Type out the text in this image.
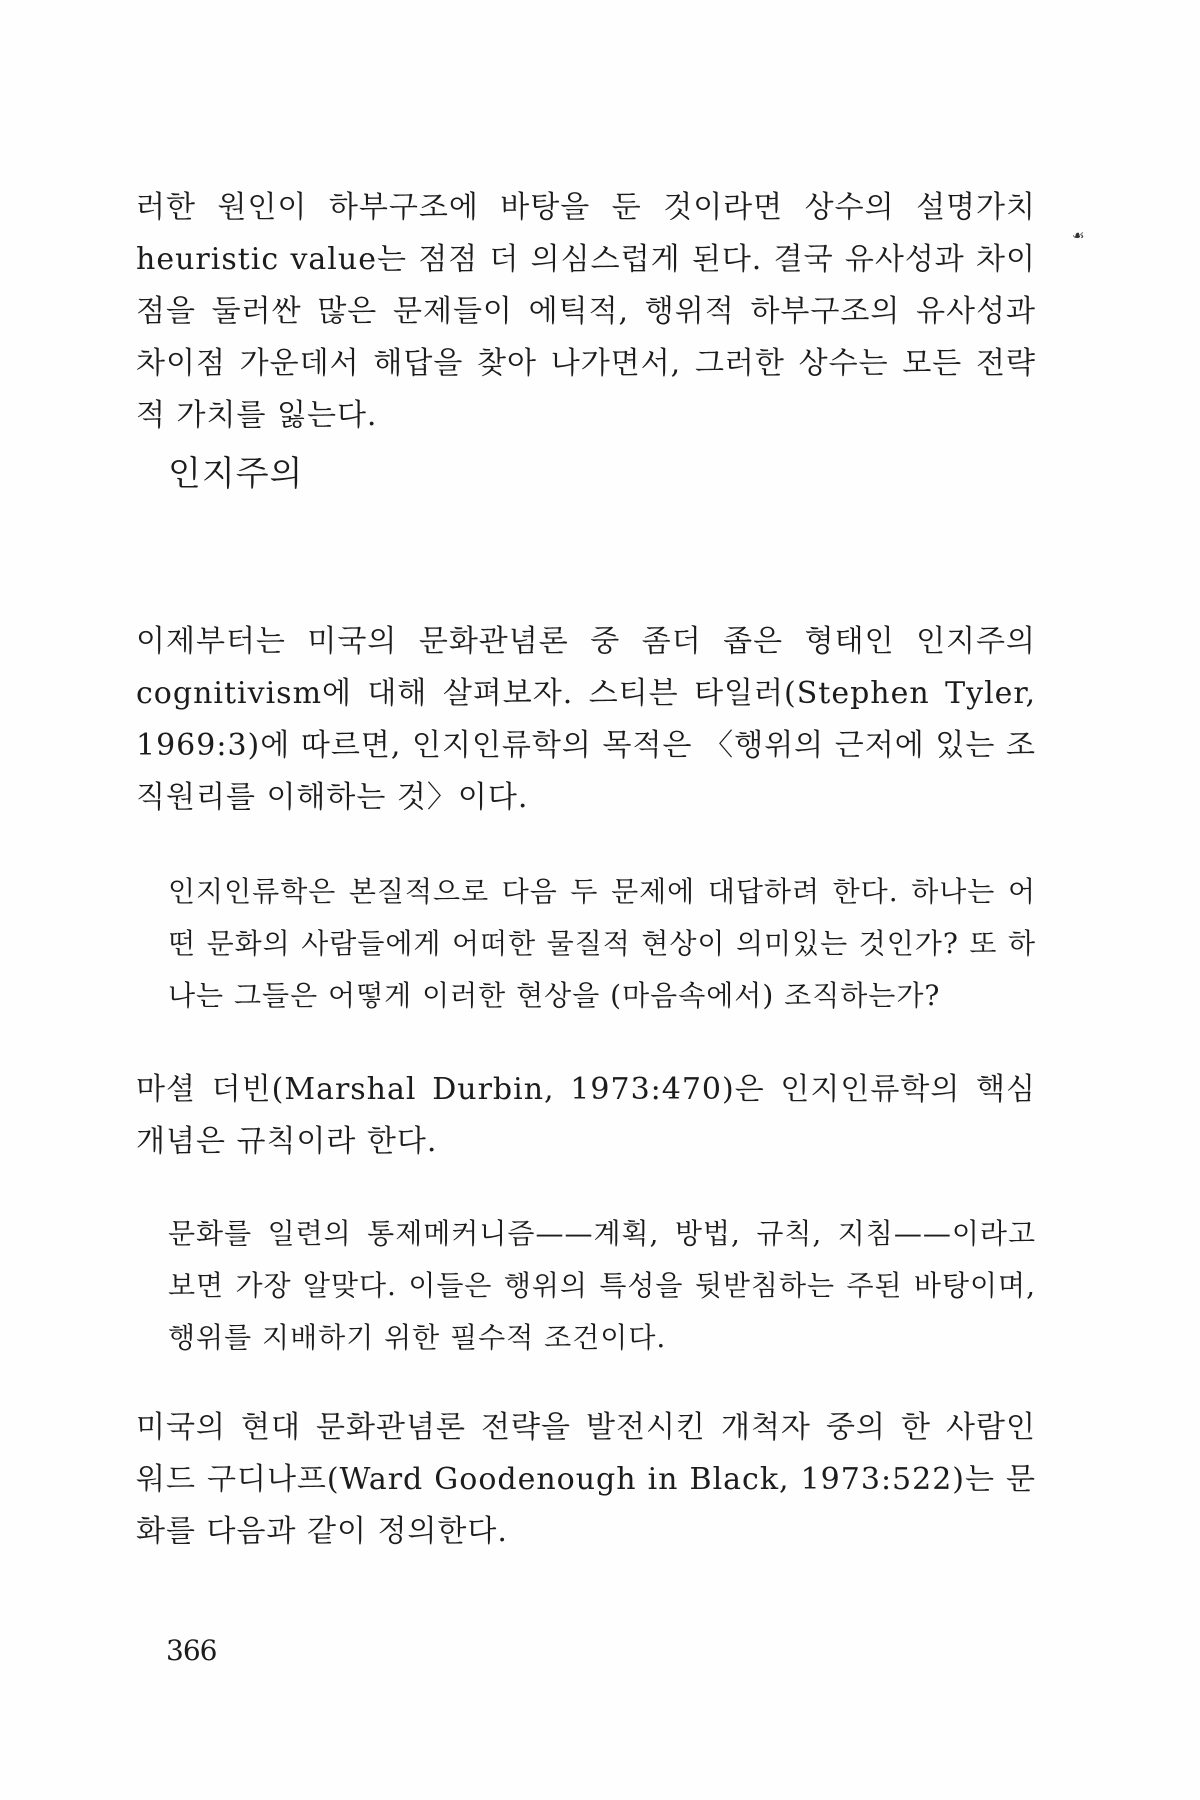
러한 원인이 하부구조에 바탕을 둔 것이라면 상수의 설명가치 heuristic value는 점점 더 의심스럽게 된다. 결국 유사성과 차이점을 둘러싼 많은 문제들이 에틱적, 행위적 하부구조의 유사성과 차이점 가운데서 해답을 찾아 나가면서, 그러한 상수는 모든 전략적 가치를 잃는다.

☙
인지주의

이제부터는 미국의 문화관념론 중 좀더 좁은 형태인 인지주의 cognitivism에 대해 살펴보자. 스티븐 타일러(Stephen Tyler, 1969:3)에 따르면, 인지인류학의 목적은 〈행위의 근저에 있는 조직원리를 이해하는 것〉이다.

인지인류학은 본질적으로 다음 두 문제에 대답하려 한다. 하나는 어떤 문화의 사람들에게 어떠한 물질적 현상이 의미있는 것인가? 또 하나는 그들은 어떻게 이러한 현상을 (마음속에서) 조직하는가?

마셜 더빈(Marshal Durbin, 1973:470)은 인지인류학의 핵심개념은 규칙이라 한다.

문화를 일련의 통제메커니즘——계획, 방법, 규칙, 지침——이라고 보면 가장 알맞다. 이들은 행위의 특성을 뒷받침하는 주된 바탕이며, 행위를 지배하기 위한 필수적 조건이다.

미국의 현대 문화관념론 전략을 발전시킨 개척자 중의 한 사람인 워드 구디나프(Ward Goodenough in Black, 1973:522)는 문화를 다음과 같이 정의한다.

366
